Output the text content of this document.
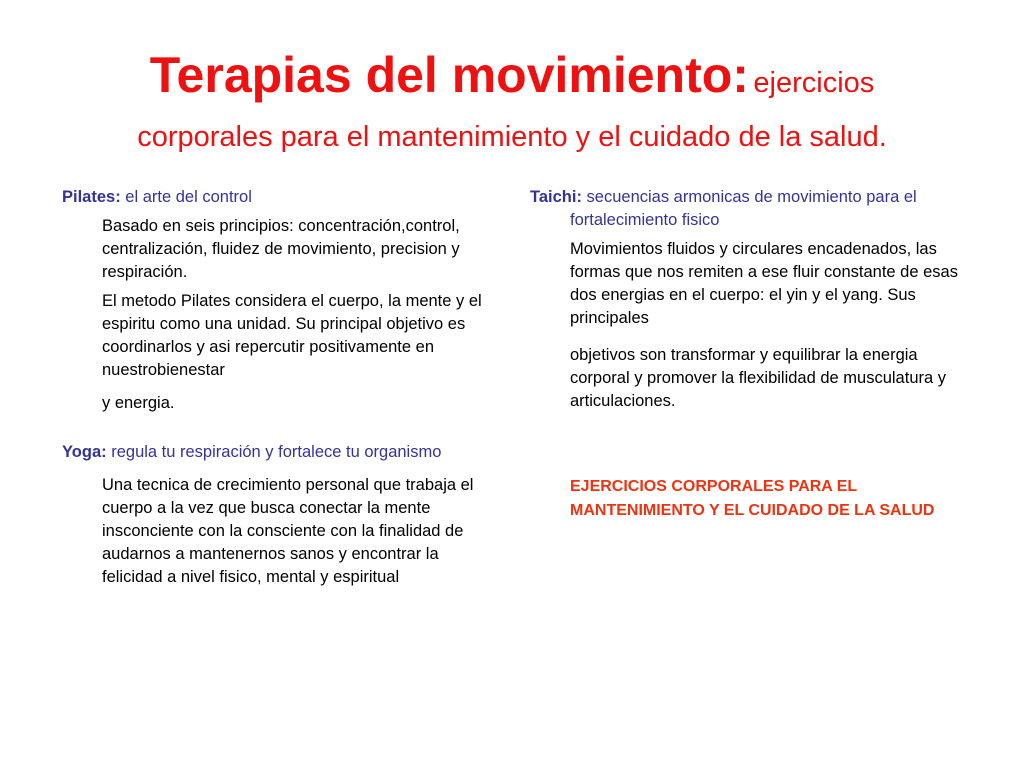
Terapias del movimiento: ejercicios
corporales para el mantenimiento y el cuidado de la salud.
Pilates: el arte del control
Basado en seis principios: concentración,control, centralización, fluidez de movimiento, precision y respiración.
El metodo Pilates considera el cuerpo, la mente y el espiritu como una unidad. Su principal objetivo es coordinarlos y asi repercutir positivamente en nuestrobienestar
y energia.
Yoga: regula tu respiración y fortalece tu organismo
Una tecnica de crecimiento personal que trabaja el cuerpo a la vez que busca conectar la mente insconciente con la consciente con la finalidad de audarnos a mantenernos sanos y encontrar la felicidad a nivel fisico, mental y espiritual
Taichi: secuencias armonicas de movimiento para el fortalecimiento fisico
Movimientos fluidos y circulares encadenados, las formas que nos remiten a ese fluir constante de esas dos energias en el cuerpo: el yin y el yang. Sus principales
objetivos son transformar y equilibrar la energia corporal y promover la flexibilidad de musculatura y articulaciones.
EJERCICIOS CORPORALES PARA EL MANTENIMIENTO Y EL CUIDADO DE LA SALUD
